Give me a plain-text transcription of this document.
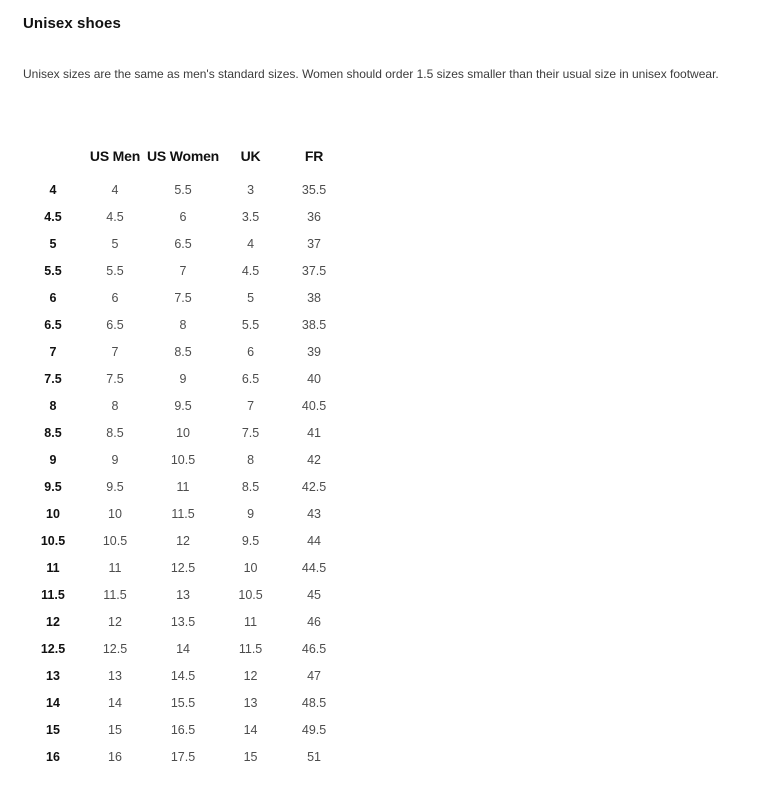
Unisex shoes

Unisex sizes are the same as men's standard sizes. Women should order 1.5 sizes smaller than their usual size in unisex footwear.

	US Men	US Women	UK	FR
4	4	5.5	3	35.5
4.5	4.5	6	3.5	36
5	5	6.5	4	37
5.5	5.5	7	4.5	37.5
6	6	7.5	5	38
6.5	6.5	8	5.5	38.5
7	7	8.5	6	39
7.5	7.5	9	6.5	40
8	8	9.5	7	40.5
8.5	8.5	10	7.5	41
9	9	10.5	8	42
9.5	9.5	11	8.5	42.5
10	10	11.5	9	43
10.5	10.5	12	9.5	44
11	11	12.5	10	44.5
11.5	11.5	13	10.5	45
12	12	13.5	11	46
12.5	12.5	14	11.5	46.5
13	13	14.5	12	47
14	14	15.5	13	48.5
15	15	16.5	14	49.5
16	16	17.5	15	51
